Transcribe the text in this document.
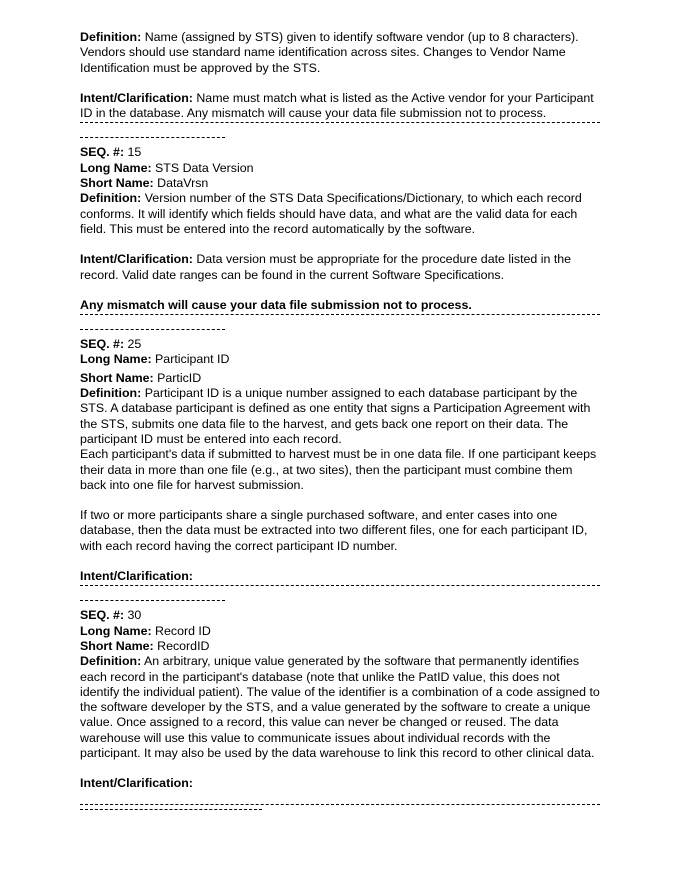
Definition: Name (assigned by STS) given to identify software vendor (up to 8 characters). Vendors should use standard name identification across sites. Changes to Vendor Name Identification must be approved by the STS.

Intent/Clarification: Name must match what is listed as the Active vendor for your Participant ID in the database. Any mismatch will cause your data file submission not to process.

SEQ. #: 15

Long Name: STS Data Version

Short Name: DataVrsn

Definition: Version number of the STS Data Specifications/Dictionary, to which each record conforms. It will identify which fields should have data, and what are the valid data for each field. This must be entered into the record automatically by the software.

Intent/Clarification: Data version must be appropriate for the procedure date listed in the record. Valid date ranges can be found in the current Software Specifications.

Any mismatch will cause your data file submission not to process.

SEQ. #: 25

Long Name: Participant ID

Short Name: ParticID

Definition: Participant ID is a unique number assigned to each database participant by the STS. A database participant is defined as one entity that signs a Participation Agreement with the STS, submits one data file to the harvest, and gets back one report on their data. The participant ID must be entered into each record.

Each participant's data if submitted to harvest must be in one data file. If one participant keeps their data in more than one file (e.g., at two sites), then the participant must combine them back into one file for harvest submission.

If two or more participants share a single purchased software, and enter cases into one database, then the data must be extracted into two different files, one for each participant ID, with each record having the correct participant ID number.

Intent/Clarification:

SEQ. #: 30

Long Name: Record ID

Short Name: RecordID

Definition: An arbitrary, unique value generated by the software that permanently identifies each record in the participant's database (note that unlike the PatID value, this does not identify the individual patient). The value of the identifier is a combination of a code assigned to the software developer by the STS, and a value generated by the software to create a unique value. Once assigned to a record, this value can never be changed or reused. The data warehouse will use this value to communicate issues about individual records with the participant. It may also be used by the data warehouse to link this record to other clinical data.

Intent/Clarification:
